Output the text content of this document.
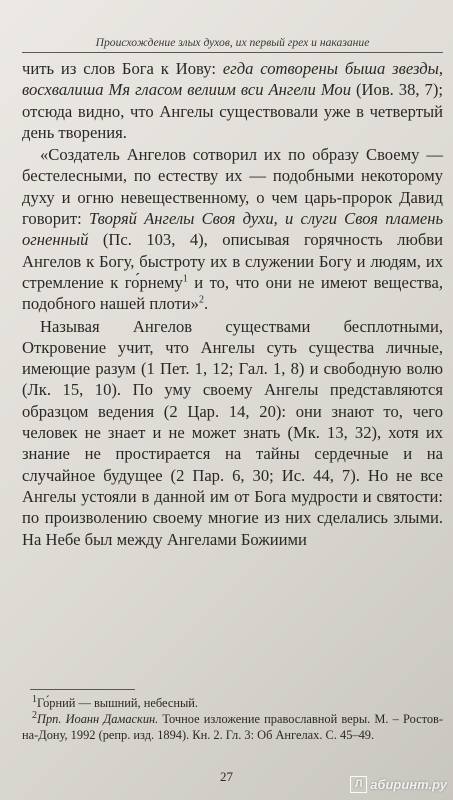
Происхождение злых духов, их первый грех и наказание

чить из слов Бога к Иову: егда сотворены быша звезды, восхвалиша Мя гласом велиим вси Ангели Мои (Иов. 38, 7); отсюда видно, что Ангелы существовали уже в четвертый день творения.

«Создатель Ангелов сотворил их по образу Своему — бестелесными, по естеству их — подобными некоторому духу и огню невещественному, о чем царь-пророк Давид говорит: Творяй Ангелы Своя духи, и слуги Своя пламень огненный (Пс. 103, 4), описывая горячность любви Ангелов к Богу, быстроту их в служении Богу и людям, их стремление к го́рнему$^1$ и то, что они не имеют вещества, подобного нашей плоти»$^2$.

Называя Ангелов существами бесплотными, Откровение учит, что Ангелы суть существа личные, имеющие разум (1 Пет. 1, 12; Гал. 1, 8) и свободную волю (Лк. 15, 10). По уму своему Ангелы представляются образцом ведения (2 Цар. 14, 20): они знают то, чего человек не знает и не может знать (Мк. 13, 32), хотя их знание не простирается на тайны сердечные и на случайное будущее (2 Пар. 6, 30; Ис. 44, 7). Но не все Ангелы устояли в данной им от Бога мудрости и святости: по произволению своему многие из них сделались злыми. На Небе был между Ангелами Божиими

$^1$Го́рний — вышний, небесный.

$^2$Прп. Иоанн Дамаскин. Точное изложение православной веры. М. – Ростов-на-Дону, 1992 (репр. изд. 1894). Кн. 2. Гл. 3: Об Ангелах. С. 45–49.

27	Л абиринт.ру
